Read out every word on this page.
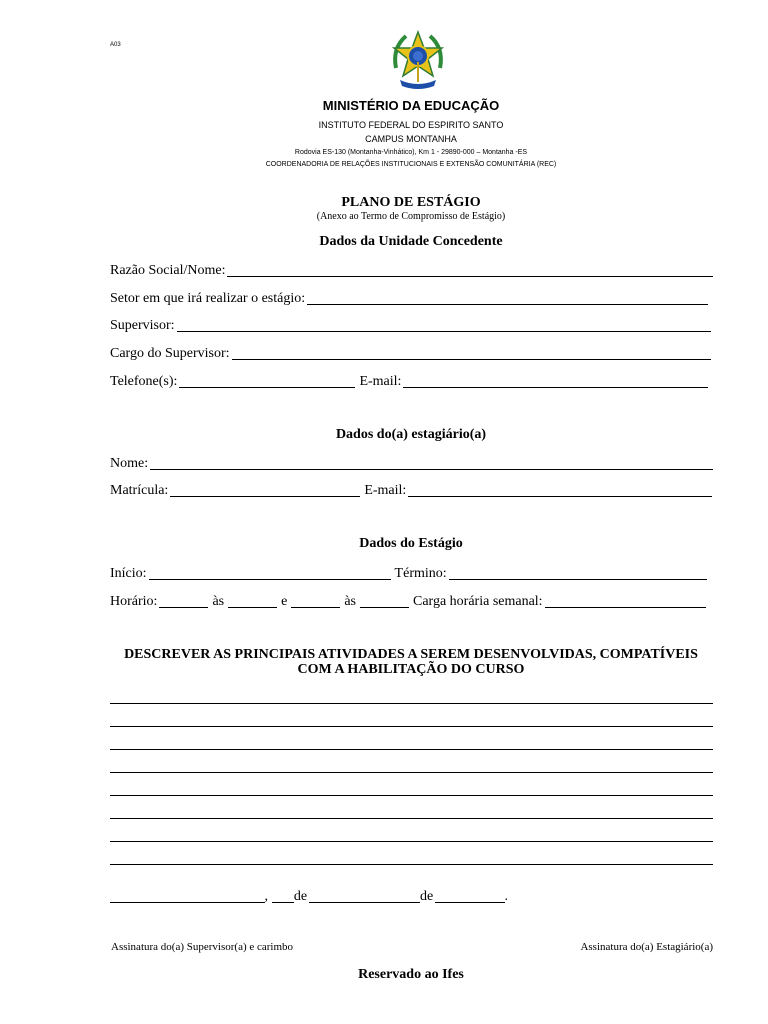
A03
MINISTÉRIO DA EDUCAÇÃO
INSTITUTO FEDERAL DO ESPIRITO SANTO
CAMPUS MONTANHA
Rodovia ES-130 (Montanha-Vinhático), Km 1 - 29890-000 – Montanha -ES
COORDENADORIA DE RELAÇÕES INSTITUCIONAIS E EXTENSÃO COMUNITÁRIA (REC)
PLANO DE ESTÁGIO
(Anexo ao Termo de Compromisso de Estágio)
Dados da Unidade Concedente
Razão Social/Nome:
Setor em que irá realizar o estágio:
Supervisor:
Cargo do Supervisor:
Telefone(s):	E-mail:
Dados do(a) estagiário(a)
Nome:
Matrícula:	E-mail:
Dados do Estágio
Início:	Término:
Horário:	às	e	às	Carga horária semanal:
DESCREVER AS PRINCIPAIS ATIVIDADES A SEREM DESENVOLVIDAS, COMPATÍVEIS
COM A HABILITAÇÃO DO CURSO
, de	de	.
Assinatura do(a) Supervisor(a) e carimbo	Assinatura do(a) Estagiário(a)
Reservado ao Ifes
